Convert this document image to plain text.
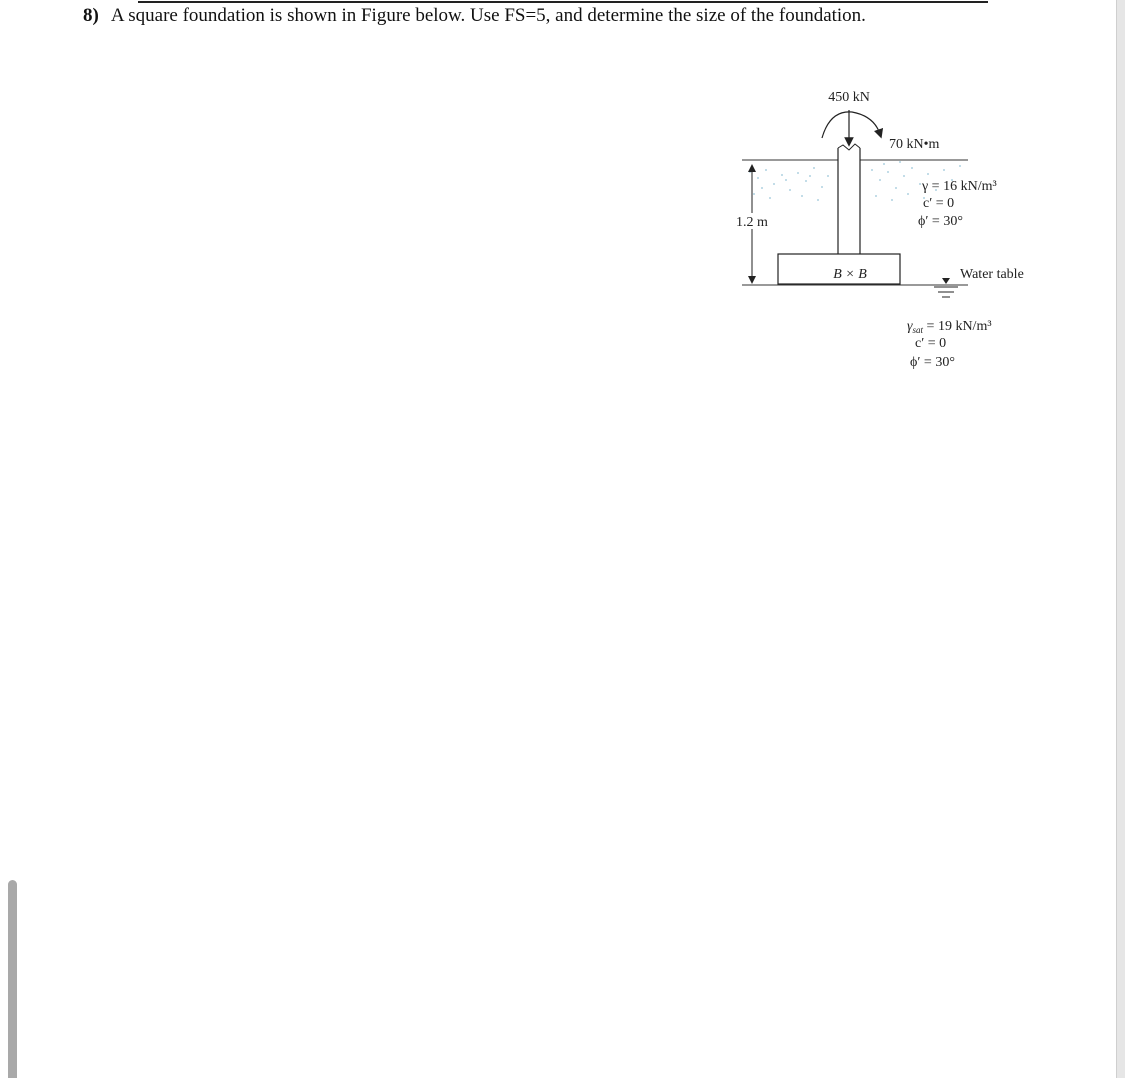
8) A square foundation is shown in Figure below. Use FS=5, and determine the size of the foundation.
450 kN
70 kN•m
1.2 m
B × B
γ = 16 kN/m³
c′ = 0
ϕ′ = 30°
Water table
$\gamma_{sat} = 19$ kN/m³
c′ = 0
ϕ′ = 30°
